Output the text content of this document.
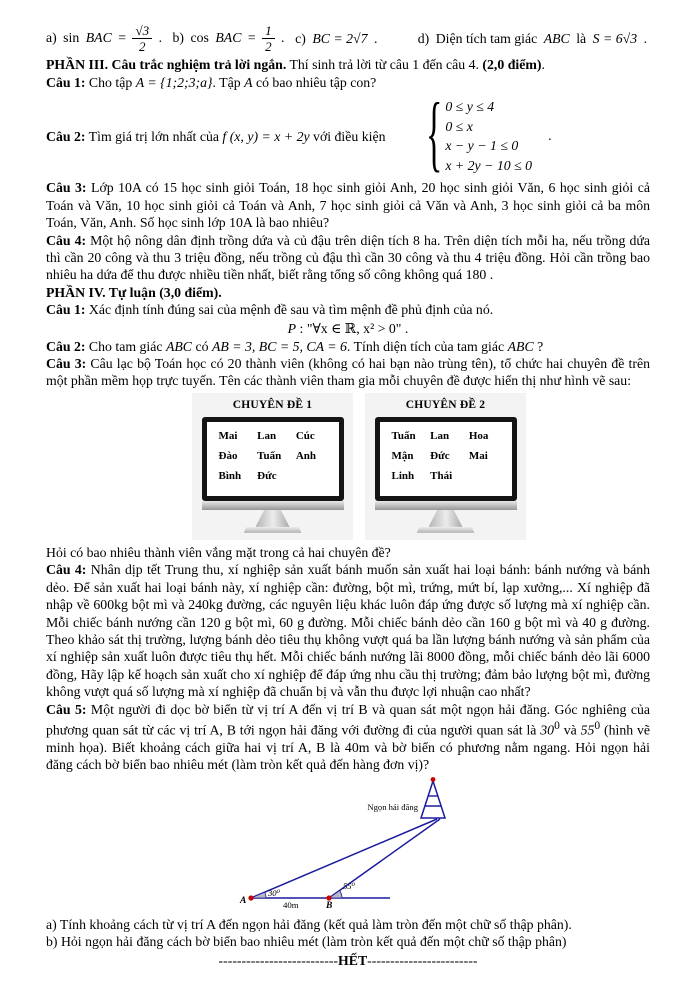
a) sin BAC = $\frac{√3}{2}$ . b) cos BAC = $\frac{1}{2}$ . c) BC = 2√7 .	d) Diện tích tam giác ABC là S = 6√3 .

PHẦN III. Câu trắc nghiệm trả lời ngắn. Thí sinh trả lời từ câu 1 đến câu 4. (2,0 điểm).

Câu 1: Cho tập A = {1;2;3;a}. Tập A có bao nhiêu tập con?

Câu 2: Tìm giá trị lớn nhất của f (x, y) = x + 2y với điều kiện	{ 0 ≤ y ≤ 4
0 ≤ x
x − y − 1 ≤ 0
x + 2y − 10 ≤ 0
.

Câu 3: Lớp 10A có 15 học sinh giỏi Toán, 18 học sinh giỏi Anh, 20 học sinh giỏi Văn, 6 học sinh giỏi cả Toán và Văn, 10 học sinh giỏi cả Toán và Anh, 7 học sinh giỏi cả Văn và Anh, 3 học sinh giỏi cả ba môn Toán, Văn, Anh. Số học sinh lớp 10A là bao nhiêu?

Câu 4: Một hộ nông dân định trồng dứa và củ đậu trên diện tích 8 ha. Trên diện tích mỗi ha, nếu trồng dứa thì cần 20 công và thu 3 triệu đồng, nếu trồng củ đậu thì cần 30 công và thu 4 triệu đồng. Hỏi cần trồng bao nhiêu ha dứa để thu được nhiều tiền nhất, biết rằng tổng số công không quá 180 .

PHẦN IV. Tự luận (3,0 điểm).

Câu 1: Xác định tính đúng sai của mệnh đề sau và tìm mệnh đề phủ định của nó.

P : "∀x ∈ ℝ, x² > 0" .

Câu 2: Cho tam giác ABC có AB = 3, BC = 5, CA = 6. Tính diện tích của tam giác ABC ?

Câu 3: Câu lạc bộ Toán học có 20 thành viên (không có hai bạn nào trùng tên), tổ chức hai chuyên đề trên một phần mềm họp trực tuyến. Tên các thành viên tham gia mỗi chuyên đề được hiển thị như hình vẽ sau:

CHUYÊN ĐỀ 1
Mai	Lan	Cúc
Đào	Tuấn	Anh
Bình	Đức
CHUYÊN ĐỀ 2
Tuấn	Lan	Hoa
Mận	Đức	Mai
Linh	Thái

Hỏi có bao nhiêu thành viên vắng mặt trong cả hai chuyên đề?

Câu 4: Nhân dịp tết Trung thu, xí nghiệp sản xuất bánh muốn sản xuất hai loại bánh: bánh nướng và bánh dẻo. Để sản xuất hai loại bánh này, xí nghiệp cần: đường, bột mì, trứng, mứt bí, lạp xưởng,... Xí nghiệp đã nhập về 600kg bột mì và 240kg đường, các nguyên liệu khác luôn đáp ứng được số lượng mà xí nghiệp cần. Mỗi chiếc bánh nướng cần 120 g bột mì, 60 g đường. Mỗi chiếc bánh dẻo cần 160 g bột mì và 40 g đường. Theo khảo sát thị trường, lượng bánh dẻo tiêu thụ không vượt quá ba lần lượng bánh nướng và sản phẩm của xí nghiệp sản xuất luôn được tiêu thụ hết. Mỗi chiếc bánh nướng lãi 8000 đồng, mỗi chiếc bánh dẻo lãi 6000 đồng, Hãy lập kế hoạch sản xuất cho xí nghiệp để đáp ứng nhu cầu thị trường; đảm bảo lượng bột mì, đường không vượt quá số lượng mà xí nghiệp đã chuẩn bị và vẫn thu được lợi nhuận cao nhất?

Câu 5: Một người đi dọc bờ biển từ vị trí A đến vị trí B và quan sát một ngọn hải đăng. Góc nghiêng của phương quan sát từ các vị trí A, B tới ngọn hải đăng với đường đi của người quan sát là $30^0$ và $55^0$ (hình vẽ minh họa). Biết khoảng cách giữa hai vị trí A, B là 40m và bờ biển có phương nằm ngang. Hỏi ngọn hải đăng cách bờ biển bao nhiêu mét (làm tròn kết quả đến hàng đơn vị)?

Ngọn hải đăng
30⁰
55⁰
A	B
40m

a) Tính khoảng cách từ vị trí A đến ngọn hải đăng (kết quả làm tròn đến một chữ số thập phân).

b) Hỏi ngọn hải đăng cách bờ biển bao nhiêu mét (làm tròn kết quả đến một chữ số thập phân)

--------------------------HẾT------------------------
